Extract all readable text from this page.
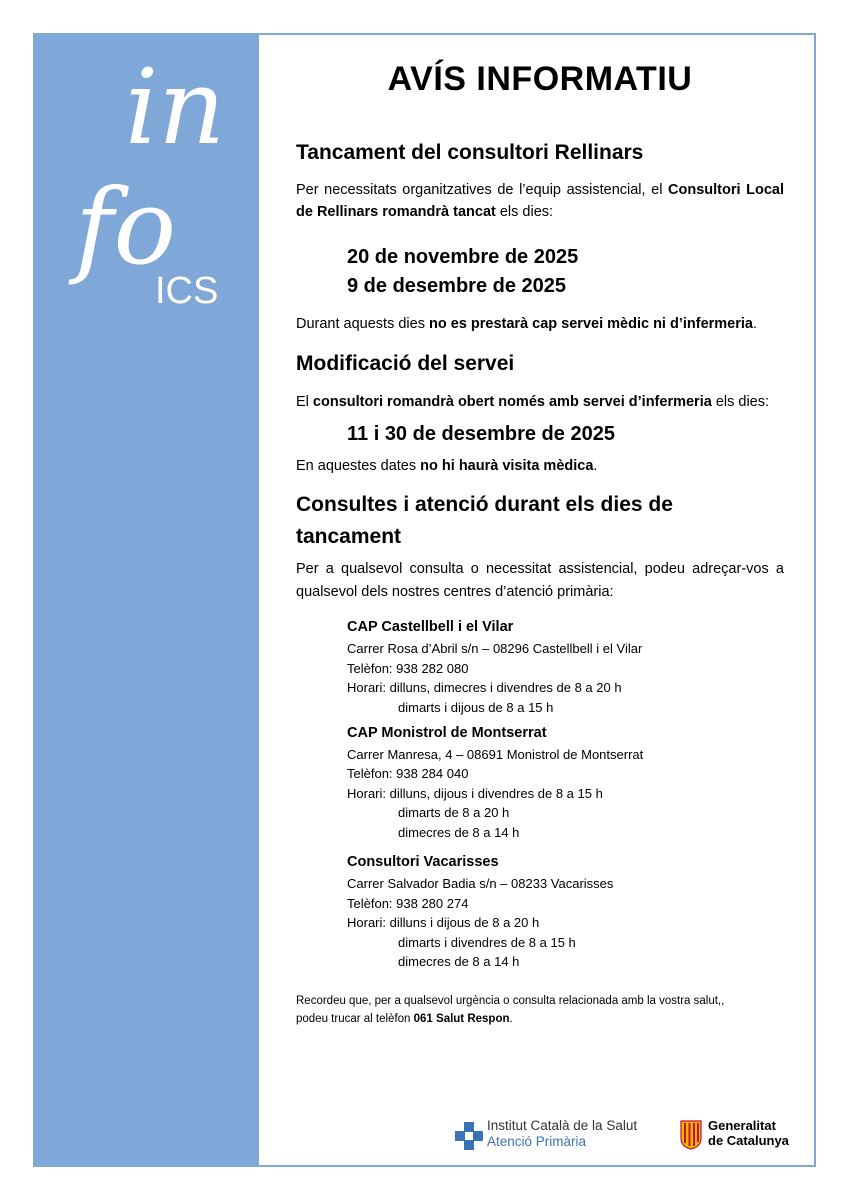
in
fo
ICS
AVÍS INFORMATIU
Tancament del consultori Rellinars

Per necessitats organitzatives de l’equip assistencial, el Consultori Local de Rellinars romandrà tancat els dies:

20 de novembre de 2025
9 de desembre de 2025

Durant aquests dies no es prestarà cap servei mèdic ni d’infermeria.

Modificació del servei

El consultori romandrà obert només amb servei d’infermeria els dies:

11 i 30 de desembre de 2025

En aquestes dates no hi haurà visita mèdica.

Consultes i atenció durant els dies de
tancament

Per a qualsevol consulta o necessitat assistencial, podeu adreçar-vos a qualsevol dels nostres centres d’atenció primària:

CAP Castellbell i el Vilar
Carrer Rosa d’Abril s/n – 08296 Castellbell i el Vilar
Telèfon: 938 282 080
Horari: dilluns, dimecres i divendres de 8 a 20 h
dimarts i dijous de 8 a 15 h
CAP Monistrol de Montserrat
Carrer Manresa, 4 – 08691 Monistrol de Montserrat
Telèfon: 938 284 040
Horari: dilluns, dijous i divendres de 8 a 15 h
dimarts de 8 a 20 h
dimecres de 8 a 14 h
Consultori Vacarisses
Carrer Salvador Badia s/n – 08233 Vacarisses
Telèfon: 938 280 274
Horari: dilluns i dijous de 8 a 20 h
dimarts i divendres de 8 a 15 h
dimecres de 8 a 14 h
Recordeu que, per a qualsevol urgència o consulta relacionada amb la vostra salut,,
podeu trucar al telèfon 061 Salut Respon.
Institut Català de la Salut
Atenció Primària
Generalitat
de Catalunya
